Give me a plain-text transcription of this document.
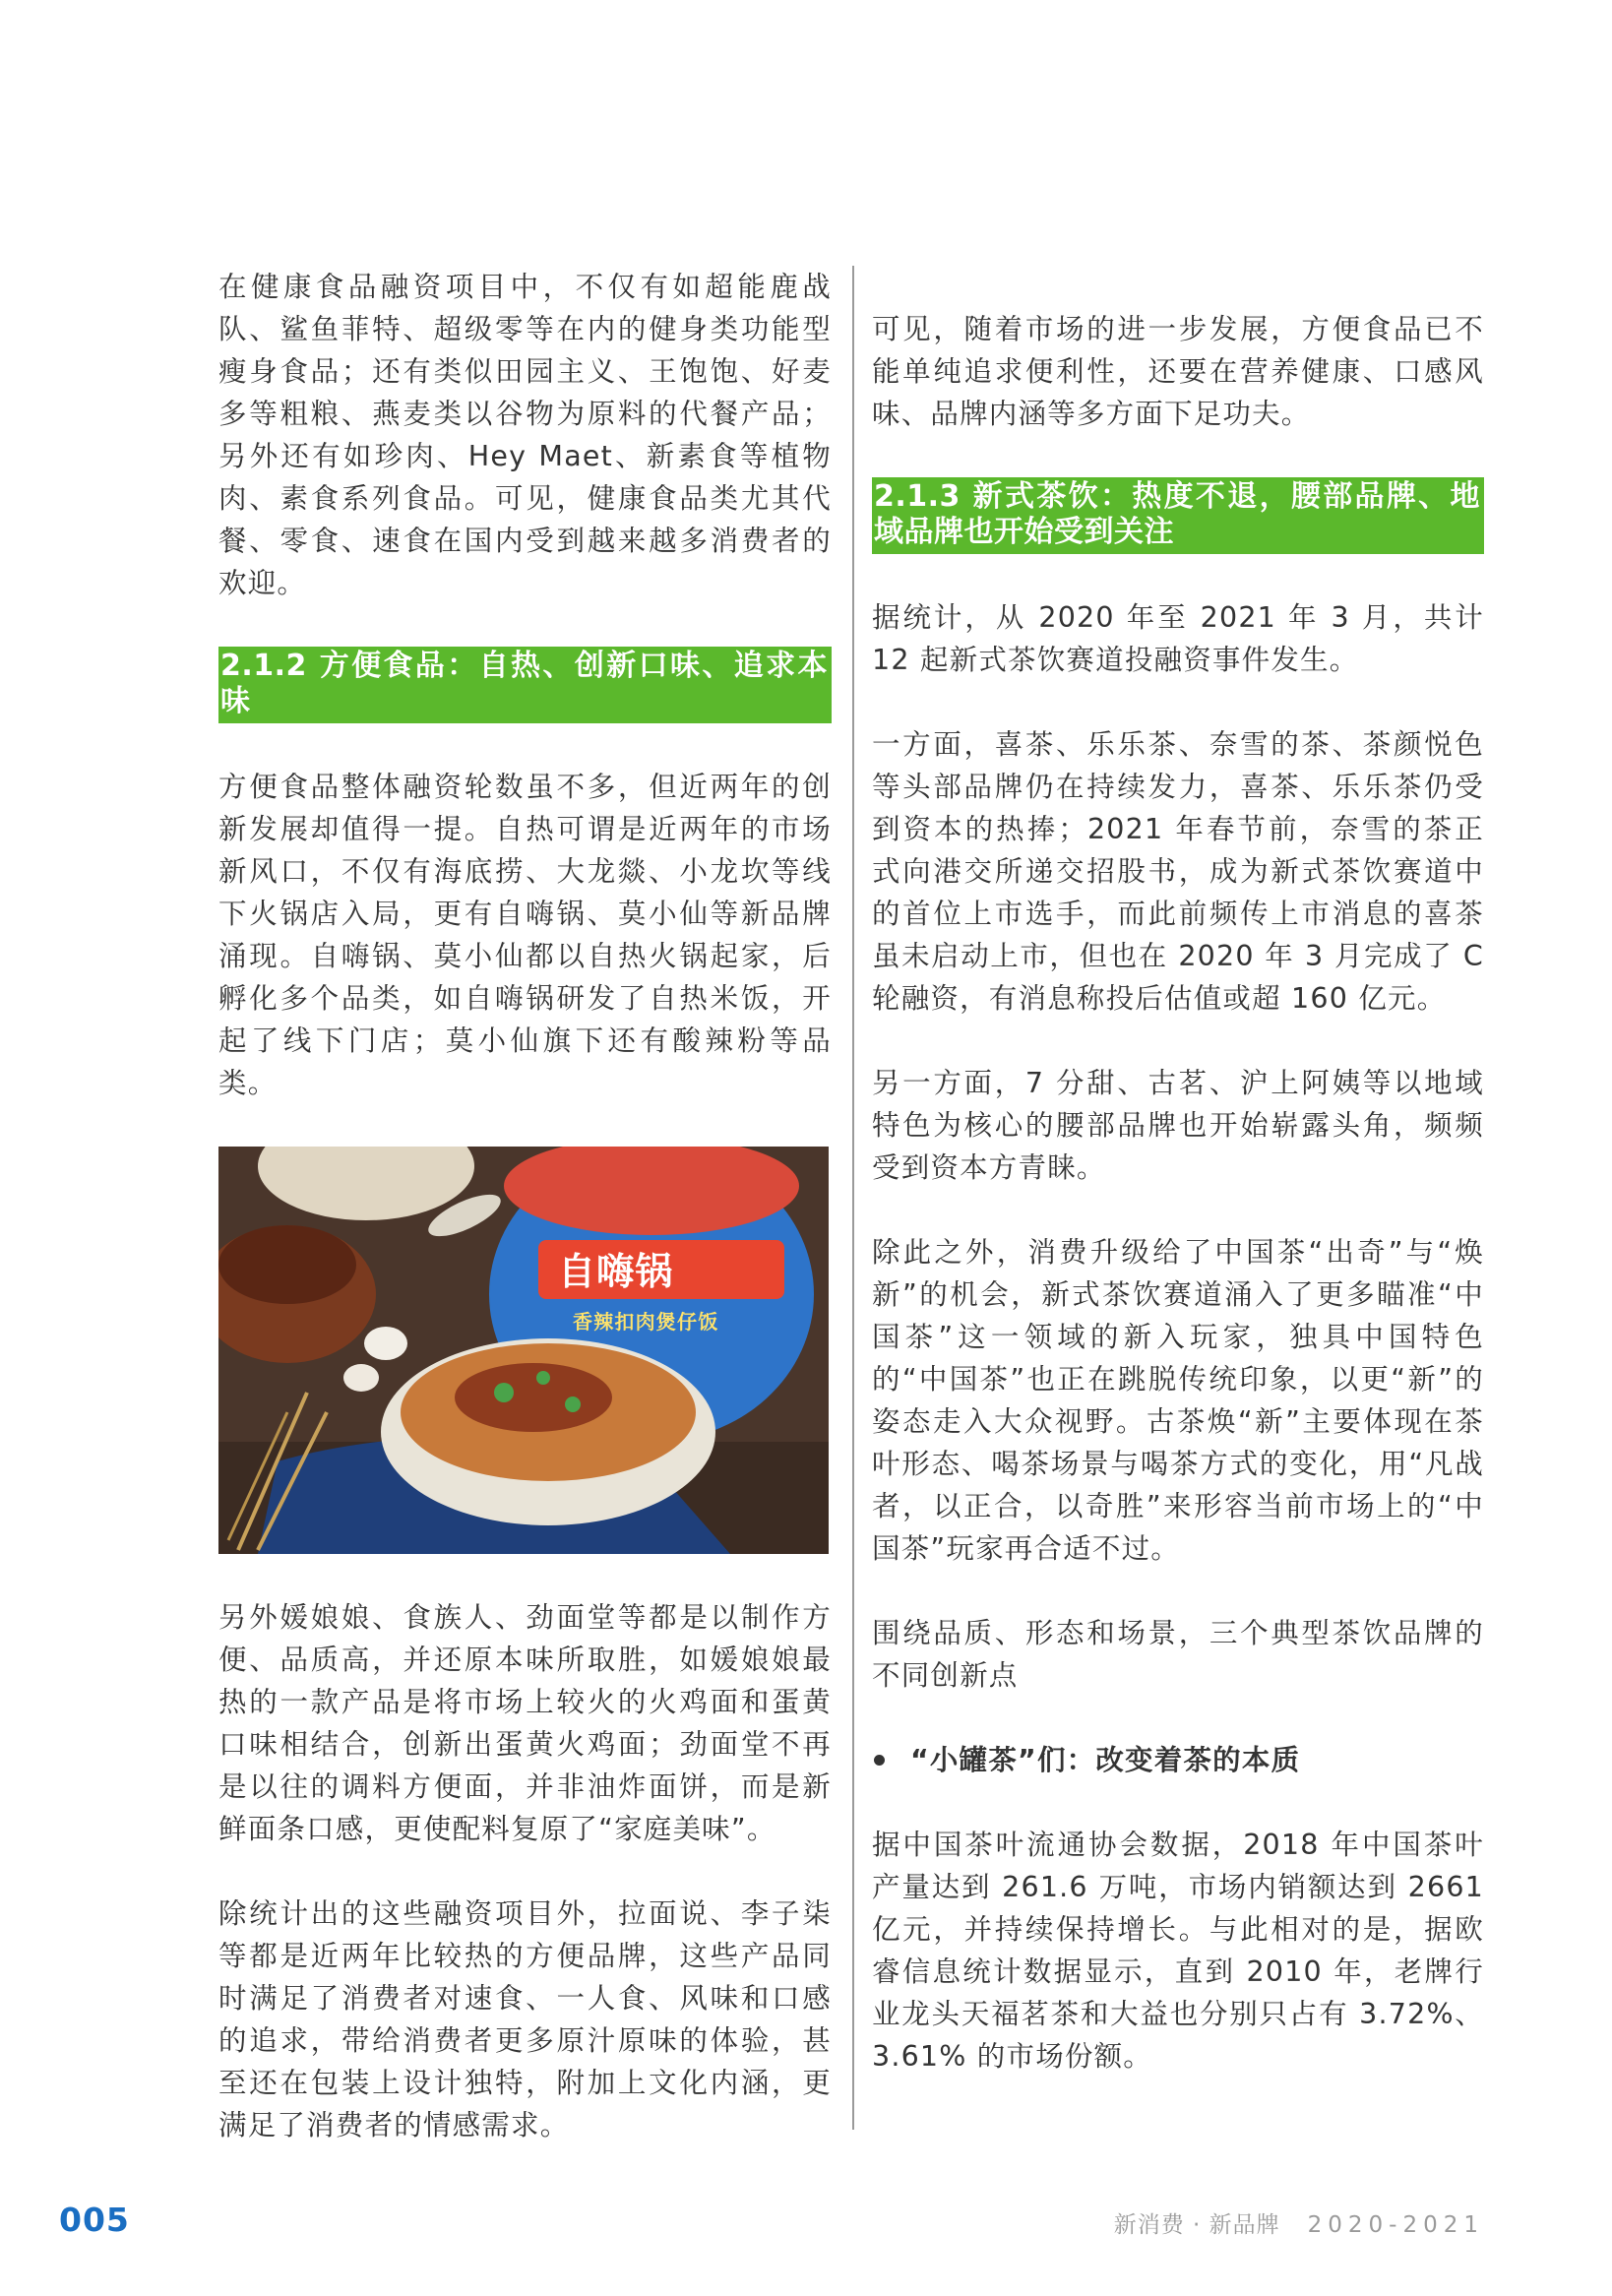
在健康食品融资项目中，不仅有如超能鹿战队、鲨鱼菲特、超级零等在内的健身类功能型瘦身食品；还有类似田园主义、王饱饱、好麦多等粗粮、燕麦类以谷物为原料的代餐产品；另外还有如珍肉、Hey Maet、新素食等植物肉、素食系列食品。可见，健康食品类尤其代餐、零食、速食在国内受到越来越多消费者的欢迎。

2.1.2 方便食品：自热、创新口味、追求本味

方便食品整体融资轮数虽不多，但近两年的创新发展却值得一提。自热可谓是近两年的市场新风口，不仅有海底捞、大龙燚、小龙坎等线下火锅店入局，更有自嗨锅、莫小仙等新品牌涌现。自嗨锅、莫小仙都以自热火锅起家，后孵化多个品类，如自嗨锅研发了自热米饭，开起了线下门店；莫小仙旗下还有酸辣粉等品类。

自嗨锅
香辣扣肉煲仔饭

另外媛娘娘、食族人、劲面堂等都是以制作方便、品质高，并还原本味所取胜，如媛娘娘最热的一款产品是将市场上较火的火鸡面和蛋黄口味相结合，创新出蛋黄火鸡面；劲面堂不再是以往的调料方便面，并非油炸面饼，而是新鲜面条口感，更使配料复原了“家庭美味”。

除统计出的这些融资项目外，拉面说、李子柒等都是近两年比较热的方便品牌，这些产品同时满足了消费者对速食、一人食、风味和口感的追求，带给消费者更多原汁原味的体验，甚至还在包装上设计独特，附加上文化内涵，更满足了消费者的情感需求。

可见，随着市场的进一步发展，方便食品已不能单纯追求便利性，还要在营养健康、口感风味、品牌内涵等多方面下足功夫。

2.1.3 新式茶饮：热度不退，腰部品牌、地域品牌也开始受到关注

据统计，从 2020 年至 2021 年 3 月，共计 12 起新式茶饮赛道投融资事件发生。

一方面，喜茶、乐乐茶、奈雪的茶、茶颜悦色等头部品牌仍在持续发力，喜茶、乐乐茶仍受到资本的热捧；2021 年春节前，奈雪的茶正式向港交所递交招股书，成为新式茶饮赛道中的首位上市选手，而此前频传上市消息的喜茶虽未启动上市，但也在 2020 年 3 月完成了 C 轮融资，有消息称投后估值或超 160 亿元。

另一方面，7 分甜、古茗、沪上阿姨等以地域特色为核心的腰部品牌也开始崭露头角，频频受到资本方青睐。

除此之外，消费升级给了中国茶“出奇”与“焕新”的机会，新式茶饮赛道涌入了更多瞄准“中国茶”这一领域的新入玩家，独具中国特色的“中国茶”也正在跳脱传统印象，以更“新”的姿态走入大众视野。古茶焕“新”主要体现在茶叶形态、喝茶场景与喝茶方式的变化，用“凡战者，以正合，以奇胜”来形容当前市场上的“中国茶”玩家再合适不过。

围绕品质、形态和场景，三个典型茶饮品牌的不同创新点

“小罐茶”们：改变着茶的本质

据中国茶叶流通协会数据，2018 年中国茶叶产量达到 261.6 万吨，市场内销额达到 2661 亿元，并持续保持增长。与此相对的是，据欧睿信息统计数据显示，直到 2010 年，老牌行业龙头天福茗茶和大益也分别只占有 3.72%、3.61% 的市场份额。

005	新消费 · 新品牌 2020-2021
